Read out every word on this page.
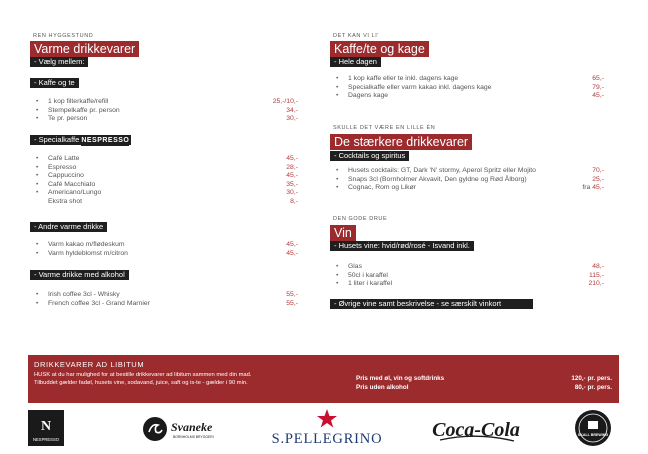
REN HYGGESTUND
Varme drikkevarer
- Vælg mellem:
- Kaffe og te
• 1 kop filterkaffe/refill	25,-/10,-
• Stempelkaffe pr. person	34,-
• Te pr. person	30,-
- Specialkaffe NESPRESSO
• Café Latte	45,-
• Espresso	28,-
• Cappuccino	45,-
• Café Macchiato	35,-
• Americano/Lungo	30,-
Ekstra shot	8,-
- Andre varme drikke
• Varm kakao m/flødeskum	45,-
• Varm hyldeblomst m/citron	45,-
- Varme drikke med alkohol
• Irish coffee 3cl - Whisky	55,-
• French coffee 3cl - Grand Marnier	55,-
DET KAN VI LI'
Kaffe/te og kage
- Hele dagen
• 1 kop kaffe eller te inkl. dagens kage	65,-
• Specialkaffe eller varm kakao inkl. dagens kage	79,-
• Dagens kage	45,-
SKULLE DET VÆRE EN LILLE ÉN
De stærkere drikkevarer
- Cocktails og spiritus
• Husets cocktails: GT, Dark 'N' stormy, Aperol Spritz eller Mojito	70,-
• Snaps 3cl (Bornholmer Akvavit, Den gyldne og Rød Ålborg)	25,-
• Cognac, Rom og Likør	fra 45,-
DEN GODE DRUE
Vin
- Husets vine: hvid/rød/rosé - Isvand inkl.
• Glas	48,-
• 50cl i karaffel	115,-
• 1 liter i karaffel	210,-
- Øvrige vine samt beskrivelse - se særskilt vinkort
DRIKKEVARER AD LIBITUM
HUSK at du har mulighed for at bestille drikkevarer ad libitum sammen med din mad.
Tilbuddet gælder fadøl, husets vine, sodavand, juice, saft og is-te - gælder i 90 min.
Pris med øl, vin og softdrinks	120,- pr. pers.
Pris uden alkohol	80,- pr. pers.
N
NESPRESSO
Svaneke
BORNHOLMS BRYGGERI	S.PELLEGRINO Coca-Cola	SKALL BREWING
